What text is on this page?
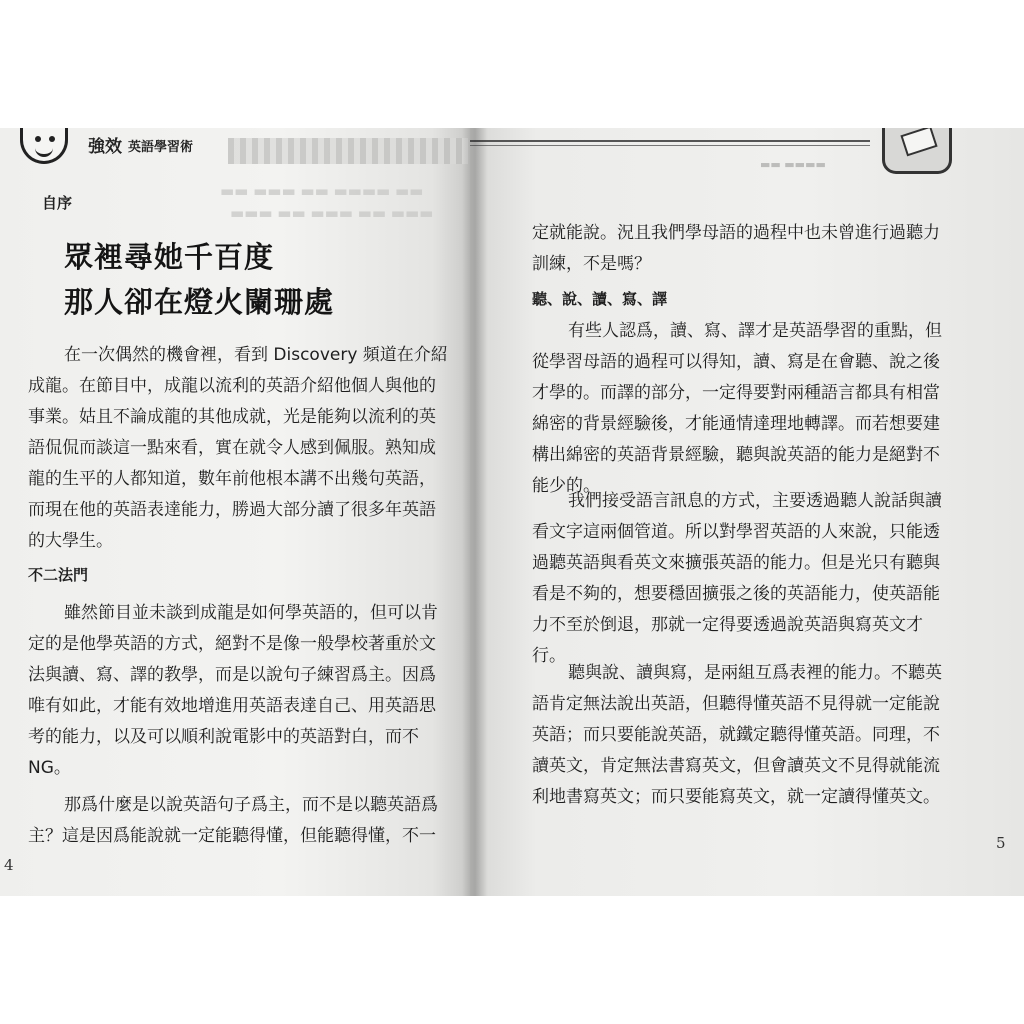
強效 英語學習術
▬▬ ▬▬▬ ▬▬ ▬▬▬▬ ▬▬
▬▬▬ ▬▬ ▬▬▬ ▬▬ ▬▬▬
自序
眾裡尋她千百度
那人卻在燈火闌珊處
在一次偶然的機會裡，看到 Discovery 頻道在介紹
成龍。在節目中，成龍以流利的英語介紹他個人與他的
事業。姑且不論成龍的其他成就，光是能夠以流利的英
語侃侃而談這一點來看，實在就令人感到佩服。熟知成
龍的生平的人都知道，數年前他根本講不出幾句英語，
而現在他的英語表達能力，勝過大部分讀了很多年英語
的大學生。
不二法門
雖然節目並未談到成龍是如何學英語的，但可以肯
定的是他學英語的方式，絕對不是像一般學校著重於文
法與讀、寫、譯的教學，而是以說句子練習爲主。因爲
唯有如此，才能有效地增進用英語表達自己、用英語思
考的能力，以及可以順利說電影中的英語對白，而不
NG。
那爲什麼是以說英語句子爲主，而不是以聽英語爲
主？這是因爲能說就一定能聽得懂，但能聽得懂，不一
4
▬▬ ▬▬▬▬
定就能說。況且我們學母語的過程中也未曾進行過聽力
訓練，不是嗎？
聽、說、讀、寫、譯
有些人認爲，讀、寫、譯才是英語學習的重點，但
從學習母語的過程可以得知，讀、寫是在會聽、說之後
才學的。而譯的部分，一定得要對兩種語言都具有相當
綿密的背景經驗後，才能通情達理地轉譯。而若想要建
構出綿密的英語背景經驗，聽與說英語的能力是絕對不
能少的。
我們接受語言訊息的方式，主要透過聽人說話與讀
看文字這兩個管道。所以對學習英語的人來說，只能透
過聽英語與看英文來擴張英語的能力。但是光只有聽與
看是不夠的，想要穩固擴張之後的英語能力，使英語能
力不至於倒退，那就一定得要透過說英語與寫英文才
行。
聽與說、讀與寫，是兩組互爲表裡的能力。不聽英
語肯定無法說出英語，但聽得懂英語不見得就一定能說
英語；而只要能說英語，就鐵定聽得懂英語。同理，不
讀英文，肯定無法書寫英文，但會讀英文不見得就能流
利地書寫英文；而只要能寫英文，就一定讀得懂英文。
5
